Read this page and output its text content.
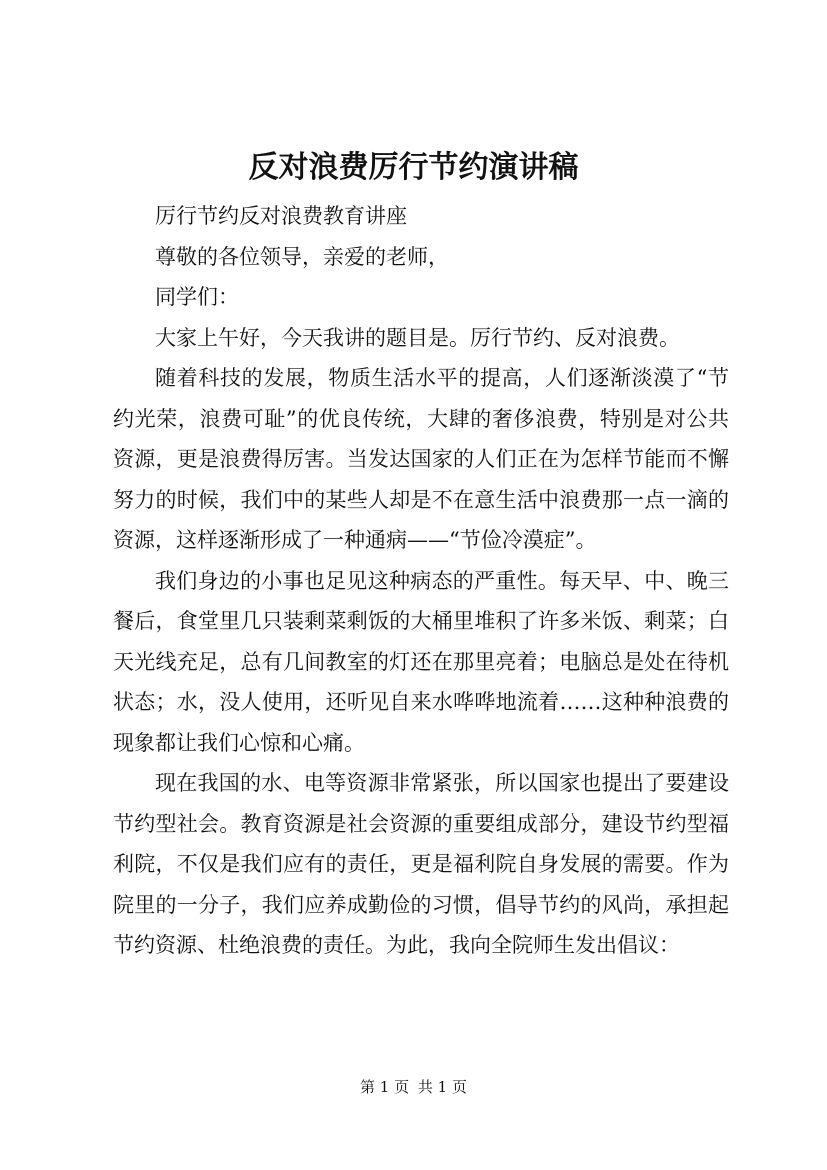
反对浪费厉行节约演讲稿

厉行节约反对浪费教育讲座

尊敬的各位领导，亲爱的老师，

同学们：

大家上午好，今天我讲的题目是。厉行节约、反对浪费。

随着科技的发展，物质生活水平的提高，人们逐渐淡漠了“节约光荣，浪费可耻”的优良传统，大肆的奢侈浪费，特别是对公共资源，更是浪费得厉害。当发达国家的人们正在为怎样节能而不懈努力的时候，我们中的某些人却是不在意生活中浪费那一点一滴的资源，这样逐渐形成了一种通病——“节俭冷漠症”。

我们身边的小事也足见这种病态的严重性。每天早、中、晚三餐后，食堂里几只装剩菜剩饭的大桶里堆积了许多米饭、剩菜；白天光线充足，总有几间教室的灯还在那里亮着；电脑总是处在待机状态；水，没人使用，还听见自来水哗哗地流着……这种种浪费的现象都让我们心惊和心痛。

现在我国的水、电等资源非常紧张，所以国家也提出了要建设节约型社会。教育资源是社会资源的重要组成部分，建设节约型福利院，不仅是我们应有的责任，更是福利院自身发展的需要。作为院里的一分子，我们应养成勤俭的习惯，倡导节约的风尚，承担起节约资源、杜绝浪费的责任。为此，我向全院师生发出倡议：

第 1 页 共 1 页
